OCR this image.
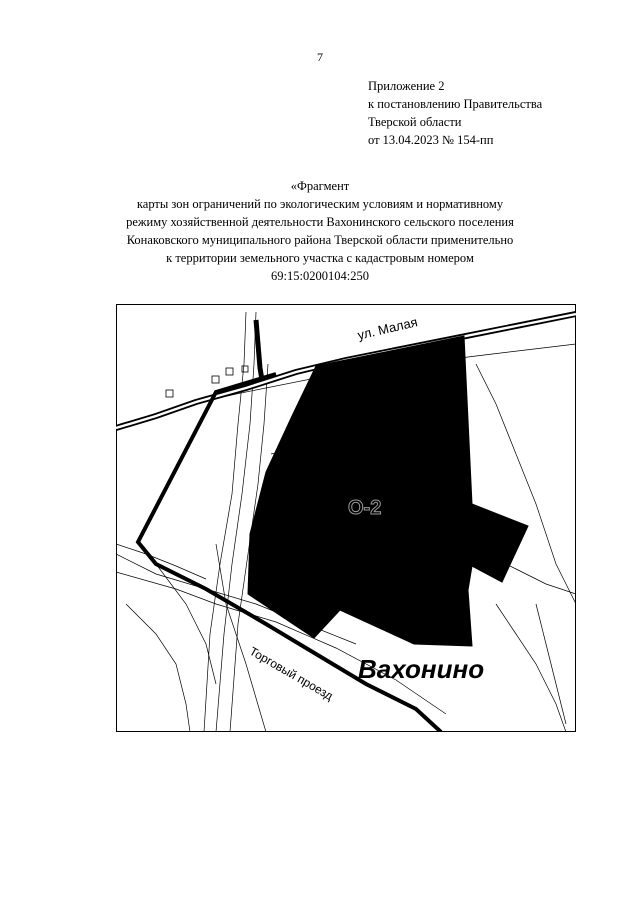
7
Приложение 2
к постановлению Правительства
Тверской области
от 13.04.2023 № 154-пп
«Фрагмент
карты зон ограничений по экологическим условиям и нормативному
режиму хозяйственной деятельности Вахонинского сельского поселения
Конаковского муниципального района Тверской области применительно
к территории земельного участка с кадастровым номером
69:15:0200104:250
ул. Малая
Торговый проезд Вахонино
О-2
